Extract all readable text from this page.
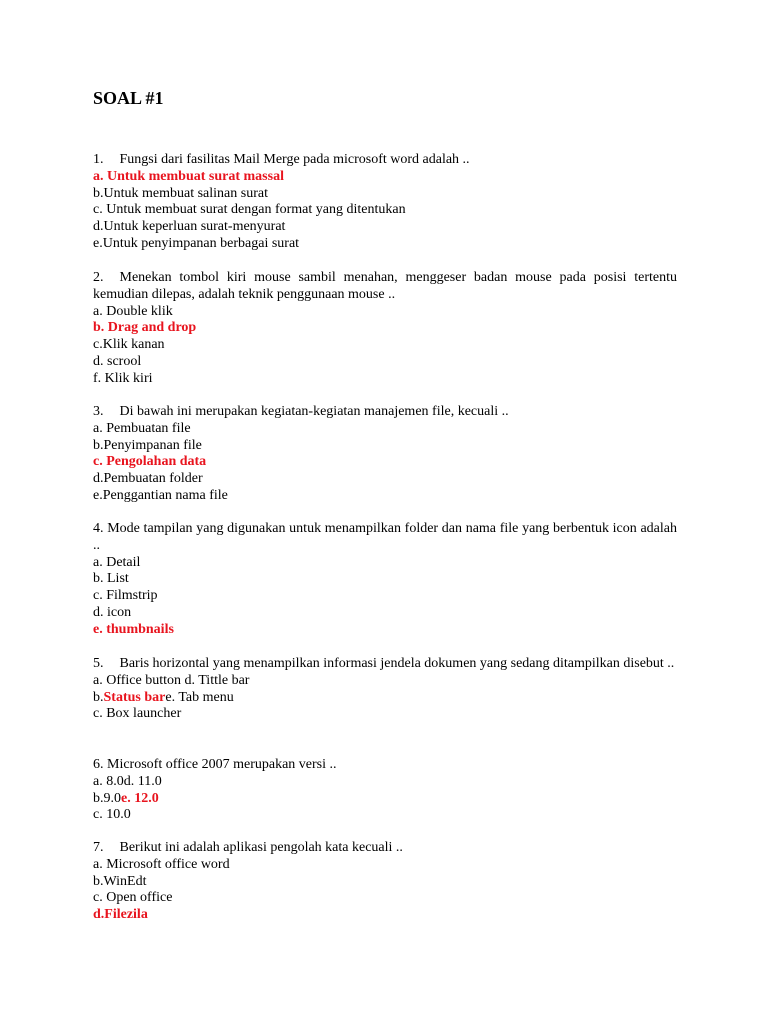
SOAL #1
1. Fungsi dari fasilitas Mail Merge pada microsoft word adalah ..
a. Untuk membuat surat massal
b.Untuk membuat salinan surat
c. Untuk membuat surat dengan format yang ditentukan
d.Untuk keperluan surat-menyurat
e.Untuk penyimpanan berbagai surat
2. Menekan tombol kiri mouse sambil menahan, menggeser badan mouse pada posisi tertentu kemudian dilepas, adalah teknik penggunaan mouse ..
a. Double klik
b. Drag and drop
c.Klik kanan
d. scrool
f. Klik kiri
3. Di bawah ini merupakan kegiatan-kegiatan manajemen file, kecuali ..
a. Pembuatan file
b.Penyimpanan file
c. Pengolahan data
d.Pembuatan folder
e.Penggantian nama file
4. Mode tampilan yang digunakan untuk menampilkan folder dan nama file yang berbentuk icon adalah ..
a. Detail
b. List
c. Filmstrip
d. icon
e. thumbnails
5. Baris horizontal yang menampilkan informasi jendela dokumen yang sedang ditampilkan disebut ..
a. Office button d. Tittle bar
b.Status bare. Tab menu
c. Box launcher
6. Microsoft office 2007 merupakan versi ..
a. 8.0d. 11.0
b.9.0e. 12.0
c. 10.0
7. Berikut ini adalah aplikasi pengolah kata kecuali ..
a. Microsoft office word
b.WinEdt
c. Open office
d.Filezila
